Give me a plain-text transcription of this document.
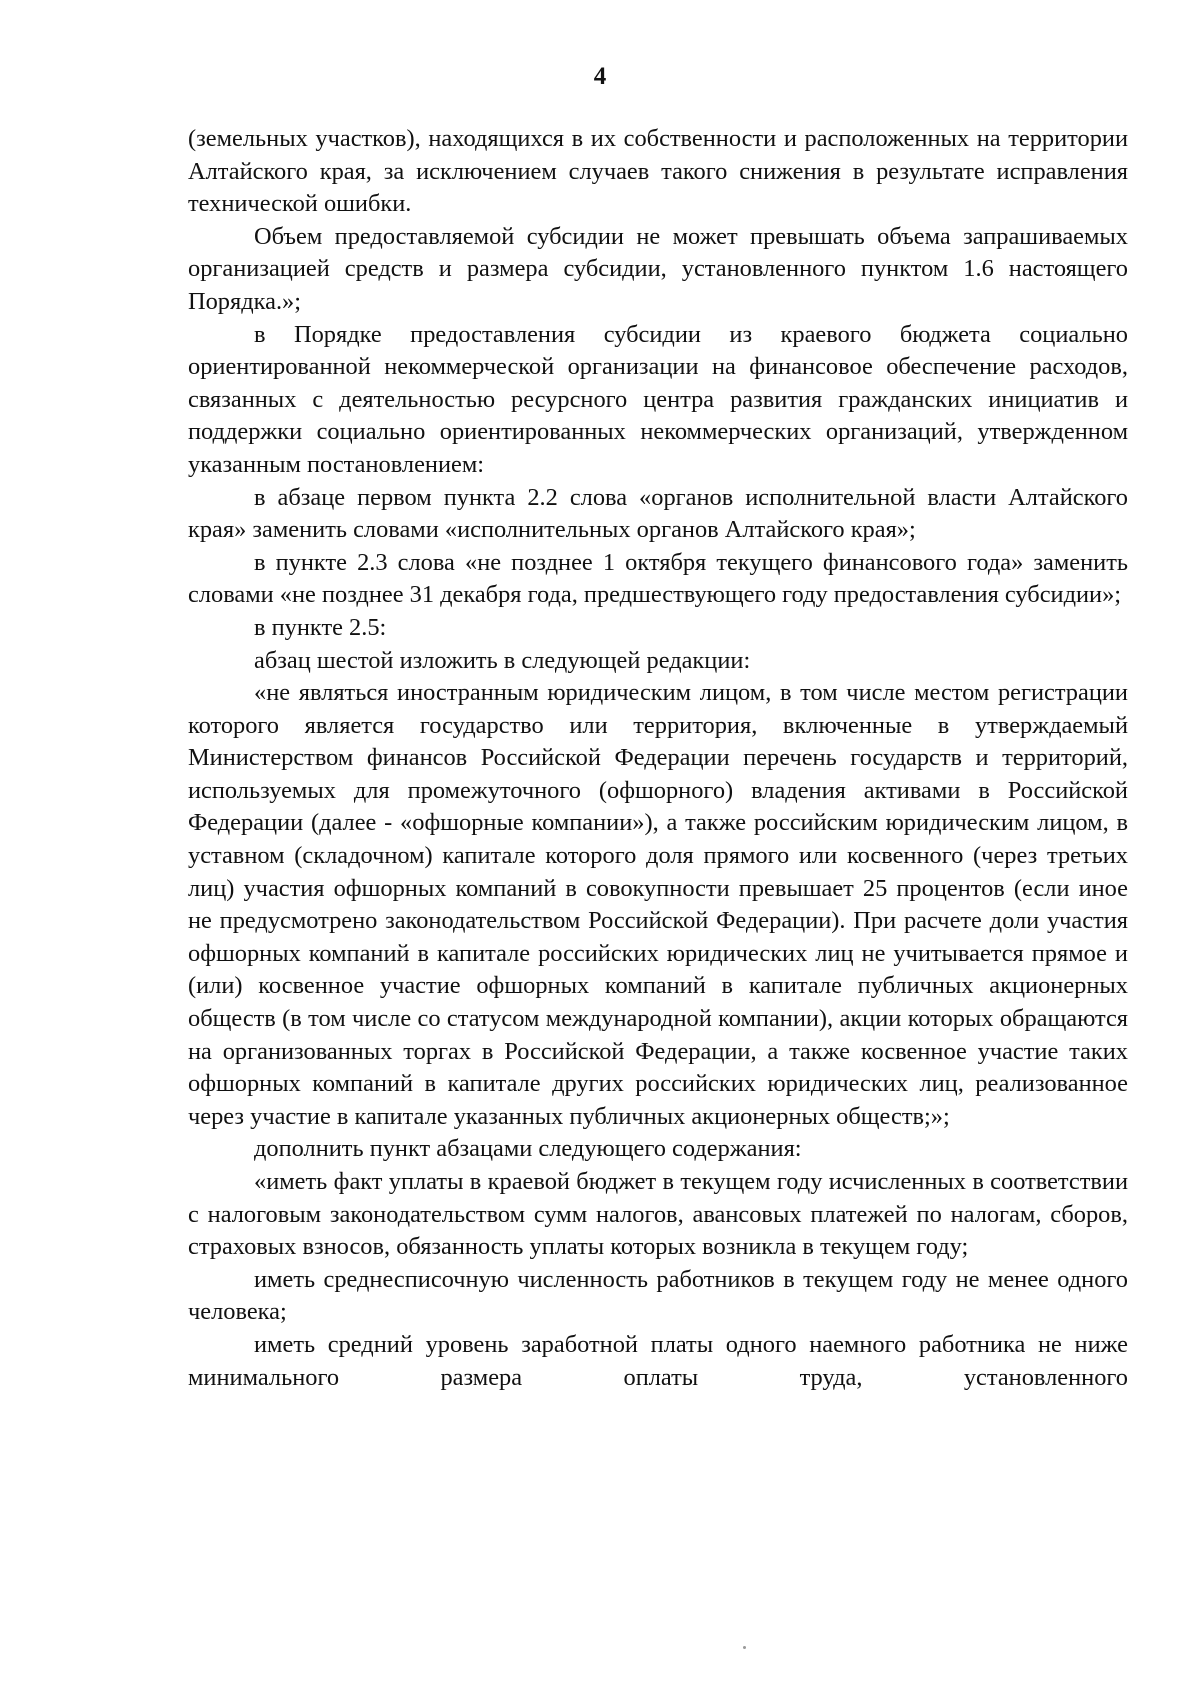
4

(земельных участков), находящихся в их собственности и расположенных на территории Алтайского края, за исключением случаев такого снижения в результате исправления технической ошибки.

Объем предоставляемой субсидии не может превышать объема запрашиваемых организацией средств и размера субсидии, установленного пунктом 1.6 настоящего Порядка.»;

в Порядке предоставления субсидии из краевого бюджета социально ориентированной некоммерческой организации на финансовое обеспечение расходов, связанных с деятельностью ресурсного центра развития гражданских инициатив и поддержки социально ориентированных некоммерческих организаций, утвержденном указанным постановлением:

в абзаце первом пункта 2.2 слова «органов исполнительной власти Алтайского края» заменить словами «исполнительных органов Алтайского края»;

в пункте 2.3 слова «не позднее 1 октября текущего финансового года» заменить словами «не позднее 31 декабря года, предшествующего году предоставления субсидии»;

в пункте 2.5:

абзац шестой изложить в следующей редакции:

«не являться иностранным юридическим лицом, в том числе местом регистрации которого является государство или территория, включенные в утверждаемый Министерством финансов Российской Федерации перечень государств и территорий, используемых для промежуточного (офшорного) владения активами в Российской Федерации (далее - «офшорные компании»), а также российским юридическим лицом, в уставном (складочном) капитале которого доля прямого или косвенного (через третьих лиц) участия офшорных компаний в совокупности превышает 25 процентов (если иное не предусмотрено законодательством Российской Федерации). При расчете доли участия офшорных компаний в капитале российских юридических лиц не учитывается прямое и (или) косвенное участие офшорных компаний в капитале публичных акционерных обществ (в том числе со статусом международной компании), акции которых обращаются на организованных торгах в Российской Федерации, а также косвенное участие таких офшорных компаний в капитале других российских юридических лиц, реализованное через участие в капитале указанных публичных акционерных обществ;»;

дополнить пункт абзацами следующего содержания:

«иметь факт уплаты в краевой бюджет в текущем году исчисленных в соответствии с налоговым законодательством сумм налогов, авансовых платежей по налогам, сборов, страховых взносов, обязанность уплаты которых возникла в текущем году;

иметь среднесписочную численность работников в текущем году не менее одного человека;

иметь средний уровень заработной платы одного наемного работника не ниже минимального размера оплаты труда, установленного
